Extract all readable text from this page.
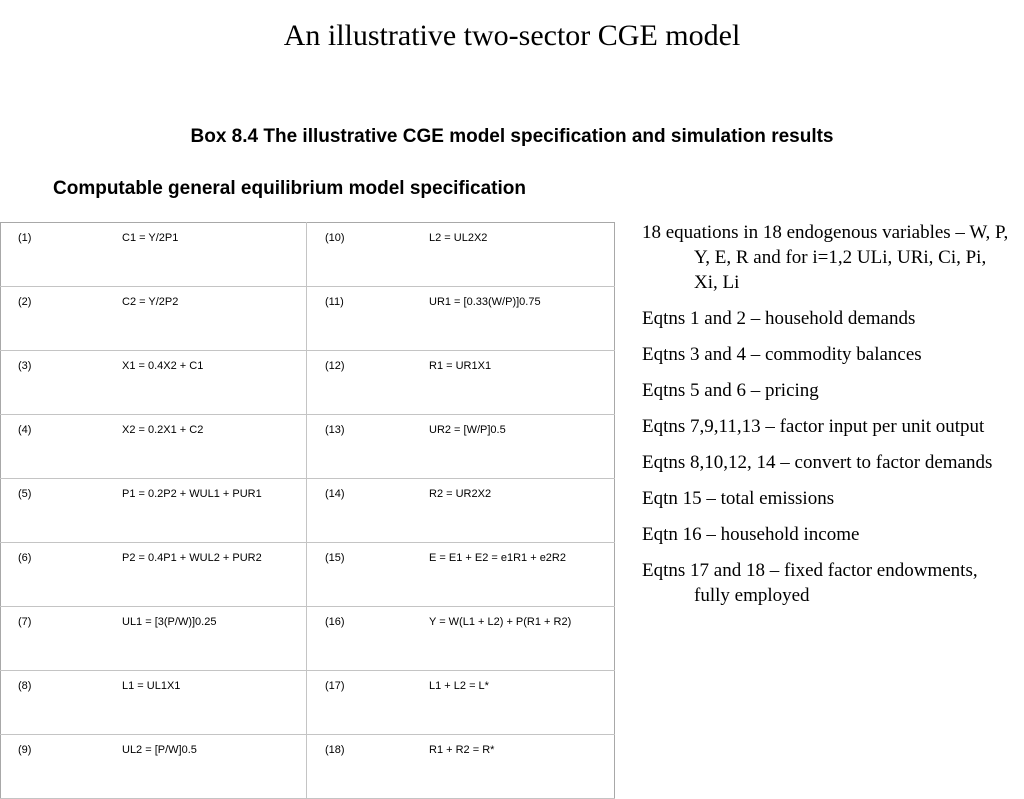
An illustrative two-sector CGE model
Box 8.4 The illustrative CGE model specification and simulation results
Computable general equilibrium model specification
(1)	C1 = Y/2P1	(10)	L2 = UL2X2
(2)	C2 = Y/2P2	(11)	UR1 = [0.33(W/P)]0.75
(3)	X1 = 0.4X2 + C1	(12)	R1 = UR1X1
(4)	X2 = 0.2X1 + C2	(13)	UR2 = [W/P]0.5
(5)	P1 = 0.2P2 + WUL1 + PUR1	(14)	R2 = UR2X2
(6)	P2 = 0.4P1 + WUL2 + PUR2	(15)	E = E1 + E2 = e1R1 + e2R2
(7)	UL1 = [3(P/W)]0.25	(16)	Y = W(L1 + L2) + P(R1 + R2)
(8)	L1 = UL1X1	(17)	L1 + L2 = L*
(9)	UL2 = [P/W]0.5	(18)	R1 + R2 = R*
18 equations in 18 endogenous variables – W, P, Y, E, R and for i=1,2 ULi, URi, Ci, Pi, Xi, Li
Eqtns 1 and 2 – household demands
Eqtns 3 and 4 – commodity balances
Eqtns 5 and 6 – pricing
Eqtns 7,9,11,13 – factor input per unit output
Eqtns 8,10,12, 14 – convert to factor demands
Eqtn 15 – total emissions
Eqtn 16 – household income
Eqtns 17 and 18 – fixed factor endowments, fully employed
